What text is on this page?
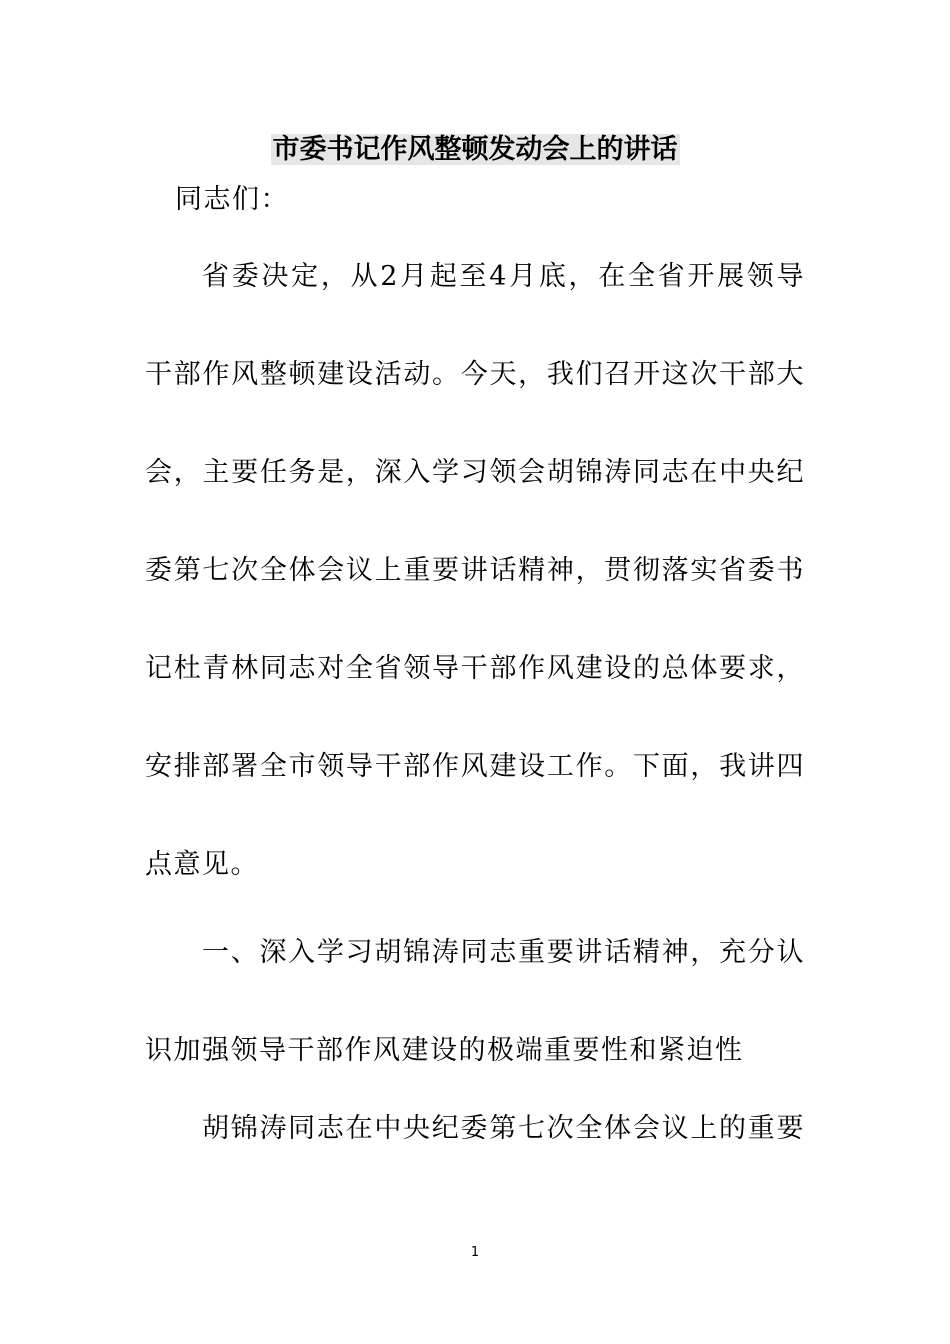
市委书记作风整顿发动会上的讲话
同志们：
省委决定，从2月起至4月底，在全省开展领导
干部作风整顿建设活动。今天，我们召开这次干部大
会，主要任务是，深入学习领会胡锦涛同志在中央纪
委第七次全体会议上重要讲话精神，贯彻落实省委书
记杜青林同志对全省领导干部作风建设的总体要求，
安排部署全市领导干部作风建设工作。下面，我讲四
点意见。
一、深入学习胡锦涛同志重要讲话精神，充分认
识加强领导干部作风建设的极端重要性和紧迫性
胡锦涛同志在中央纪委第七次全体会议上的重要
1
